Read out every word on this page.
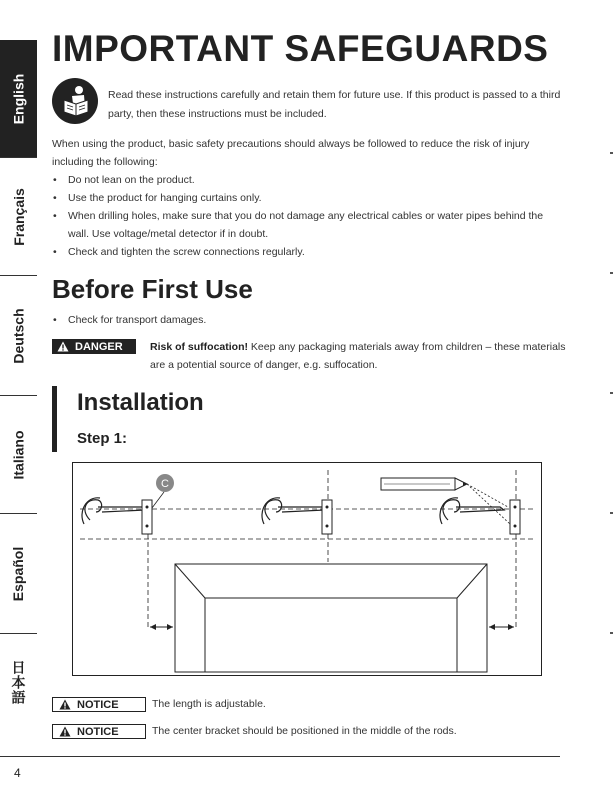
English
Français
Deutsch
Italiano
Español
日本語
IMPORTANT SAFEGUARDS

Read these instructions carefully and retain them for future use. If this product is passed to a third party, then these instructions must be included.

When using the product, basic safety precautions should always be followed to reduce the risk of injury including the following:

• Do not lean on the product.
• Use the product for hanging curtains only.
• When drilling holes, make sure that you do not damage any electrical cables or water pipes behind the wall. Use voltage/metal detector if in doubt.
• Check and tighten the screw connections regularly.
Before First Use
• Check for transport damages.
DANGER	Risk of suffocation! Keep any packaging materials away from children – these materials are a potential source of danger, e.g. suffocation.

Installation
Step 1:
C
NOTICE	The length is adjustable.

NOTICE	The center bracket should be positioned in the middle of the rods.

4
